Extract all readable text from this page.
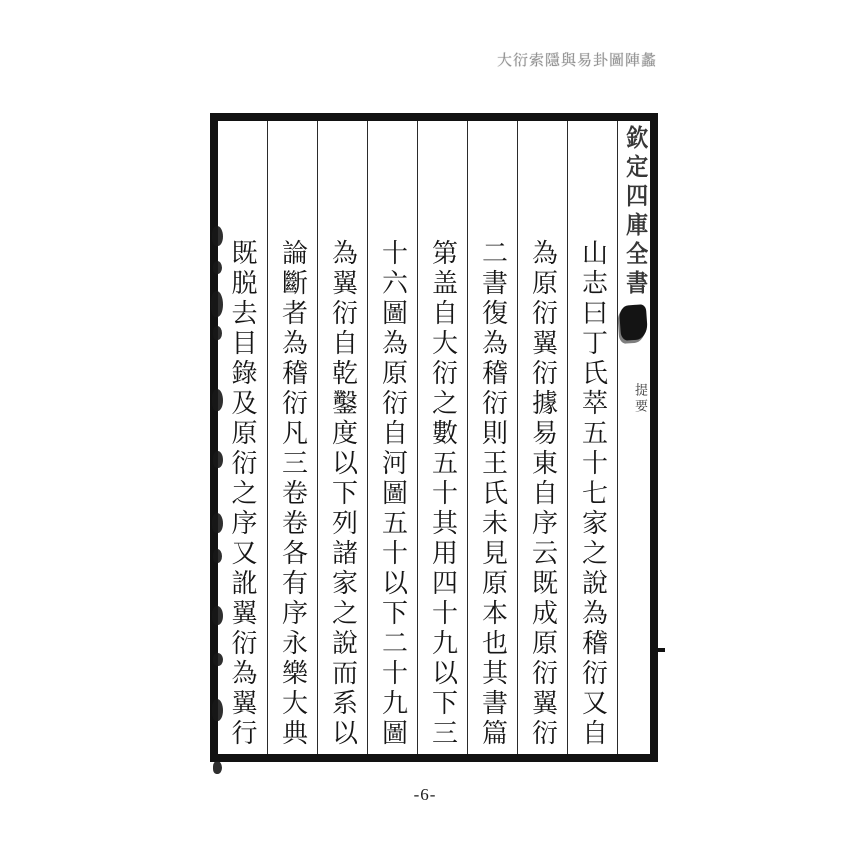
大衍索隱與易卦圖陣蠡
欽定四庫全書
提要
山志曰丁氏萃五十七家之說為稽衍又自
為原衍翼衍據易東自序云既成原衍翼衍
二書復為稽衍則王氏未見原本也其書篇
第盖自大衍之數五十其用四十九以下三
十六圖為原衍自河圖五十以下二十九圖
為翼衍自乾鑿度以下列諸家之說而系以
論斷者為稽衍凡三卷卷各有序永樂大典
既脱去目錄及原衍之序又訛翼衍為翼行
-6-
